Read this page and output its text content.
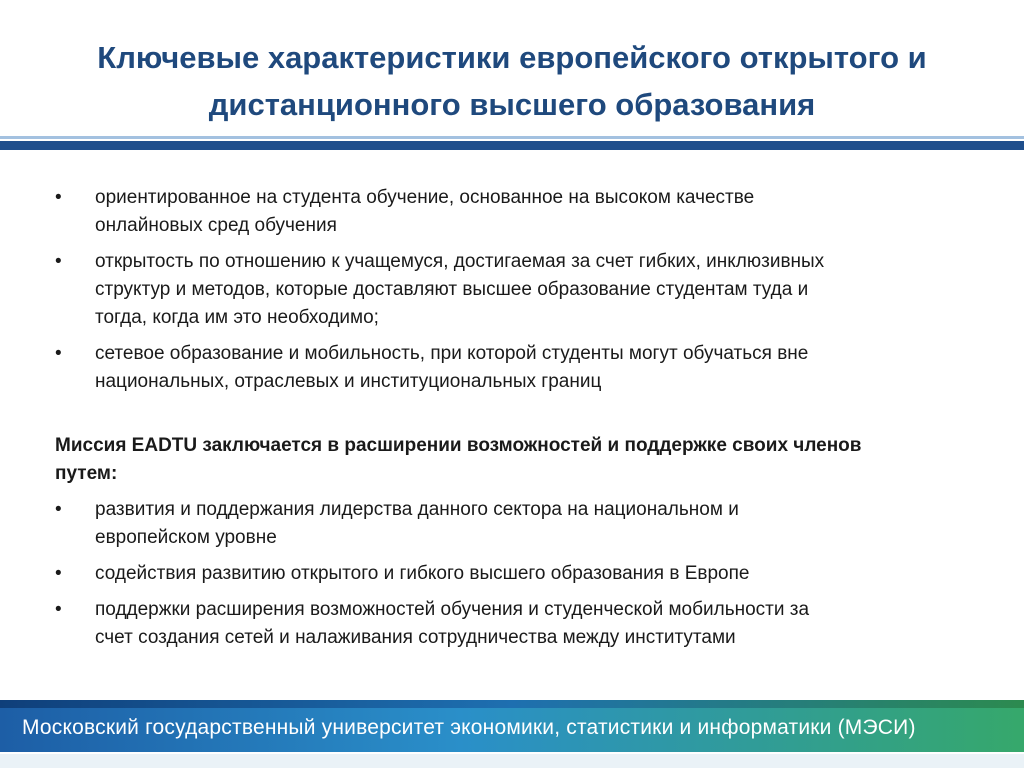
Ключевые характеристики европейского открытого и
дистанционного высшего образования
• ориентированное на студента обучение, основанное на высоком качестве
онлайновых сред обучения
• открытость по отношению к учащемуся, достигаемая за счет гибких, инклюзивных
структур и методов, которые доставляют высшее образование студентам туда и
тогда, когда им это необходимо;
• сетевое образование и мобильность, при которой студенты могут обучаться вне
национальных, отраслевых и институциональных границ

Миссия EADTU заключается в расширении возможностей и поддержке своих членов
путем:

• развития и поддержания лидерства данного сектора на национальном и
европейском уровне
• содействия развитию открытого и гибкого высшего образования в Европе
• поддержки расширения возможностей обучения и студенческой мобильности за
счет создания сетей и налаживания сотрудничества между институтами
Московский государственный университет экономики, статистики и информатики (МЭСИ)
